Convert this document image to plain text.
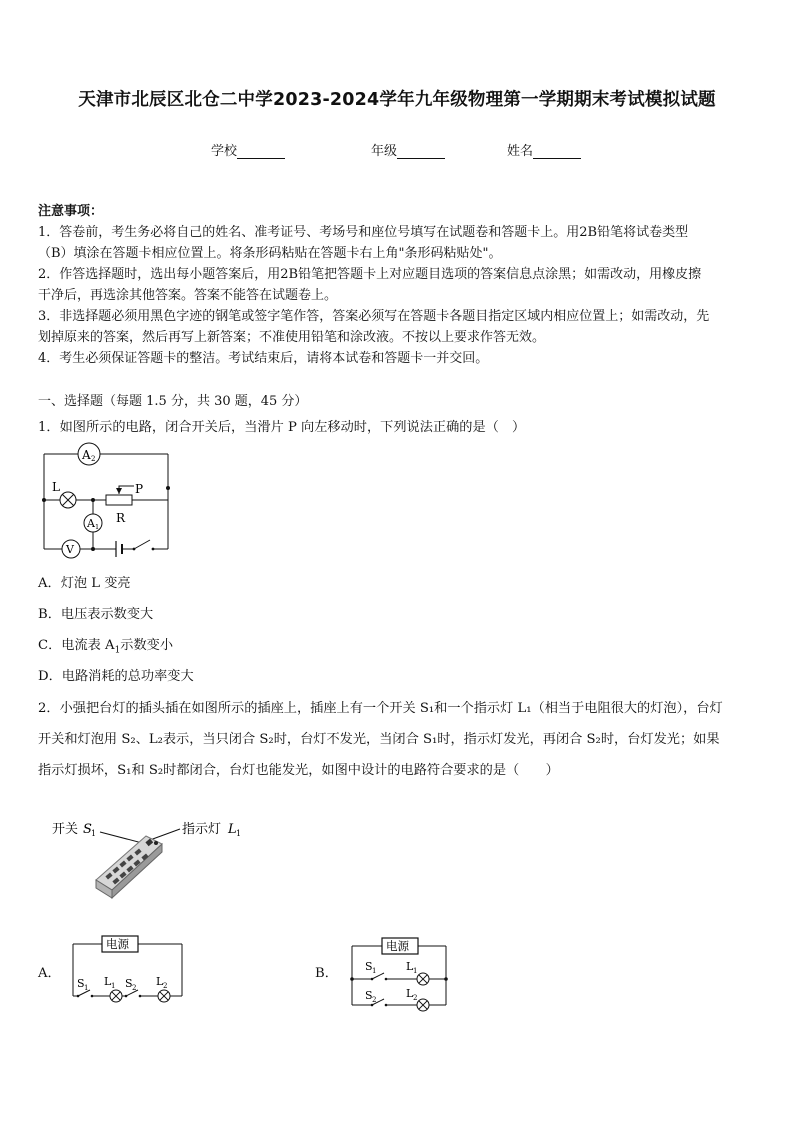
天津市北辰区北仓二中学2023-2024学年九年级物理第一学期期末考试模拟试题
学校	年级	姓名
注意事项：
1．答卷前，考生务必将自己的姓名、准考证号、考场号和座位号填写在试题卷和答题卡上。用2B铅笔将试卷类型
（B）填涂在答题卡相应位置上。将条形码粘贴在答题卡右上角"条形码粘贴处"。
2．作答选择题时，选出每小题答案后，用2B铅笔把答题卡上对应题目选项的答案信息点涂黑；如需改动，用橡皮擦
干净后，再选涂其他答案。答案不能答在试题卷上。
3．非选择题必须用黑色字迹的钢笔或签字笔作答，答案必须写在答题卡各题目指定区域内相应位置上；如需改动，先
划掉原来的答案，然后再写上新答案；不准使用铅笔和涂改液。不按以上要求作答无效。
4．考生必须保证答题卡的整洁。考试结束后，请将本试卷和答题卡一并交回。
一、选择题（每题 1.5 分，共 30 题，45 分）
1．如图所示的电路，闭合开关后，当滑片 P 向左移动时，下列说法正确的是（　）
A 2
L	P
R
A 1
V
A．灯泡 L 变亮
B．电压表示数变大
C．电流表 $A_1$示数变小
D．电路消耗的总功率变大
2．小强把台灯的插头插在如图所示的插座上，插座上有一个开关 S₁和一个指示灯 L₁（相当于电阻很大的灯泡），台灯
开关和灯泡用 S₂、L₂表示，当只闭合 S₂时，台灯不发光，当闭合 S₁时，指示灯发光，再闭合 S₂时，台灯发光；如果
指示灯损坏，S₁和 S₂时都闭合，台灯也能发光，如图中设计的电路符合要求的是（　　）
开关 S 1	指示灯 L 1
A．
电源
S 1 L 1 S 2 L 2
B．
电源
S 1	L 1
S 2	L 2
